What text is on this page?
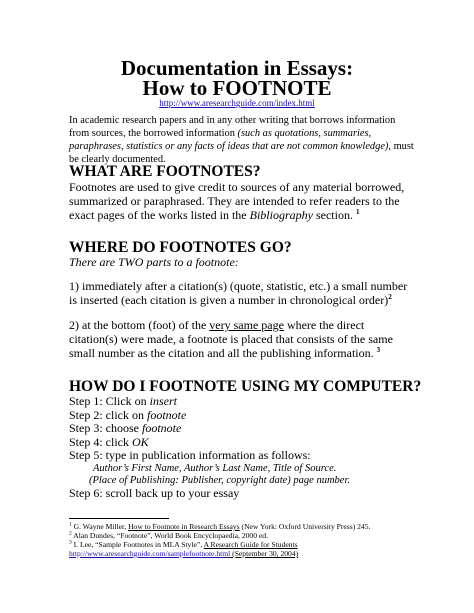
Documentation in Essays:
How to FOOTNOTE
http://www.aresearchguide.com/index.html
In academic research papers and in any other writing that borrows information from sources, the borrowed information (such as quotations, summaries, paraphrases, statistics or any facts of ideas that are not common knowledge), must be clearly documented.
WHAT ARE FOOTNOTES?
Footnotes are used to give credit to sources of any material borrowed, summarized or paraphrased. They are intended to refer readers to the exact pages of the works listed in the Bibliography section. $^1$
WHERE DO FOOTNOTES GO?
There are TWO parts to a footnote:
1) immediately after a citation(s) (quote, statistic, etc.) a small number is inserted (each citation is given a number in chronological order)$^2$
2) at the bottom (foot) of the very same page where the direct citation(s) were made, a footnote is placed that consists of the same small number as the citation and all the publishing information. $^3$
HOW DO I FOOTNOTE USING MY COMPUTER?
Step 1: Click on insert
Step 2: click on footnote
Step 3: choose footnote
Step 4: click OK
Step 5: type in publication information as follows:
Author’s First Name, Author’s Last Name, Title of Source.
(Place of Publishing: Publisher, copyright date) page number.
Step 6: scroll back up to your essay
$^1$ G. Wayne Miller, How to Footnote in Research Essays (New York: Oxford University Press) 245.
$^2$ Alan Dundes, “Footnote”, World Book Encyclopaedia, 2000 ed.
$^3$ I. Lee, “Sample Footnotes in MLA Style”, A Research Guide for Students
http://www.aresearchguide.com/samplefootnote.html (September 30, 2004)
